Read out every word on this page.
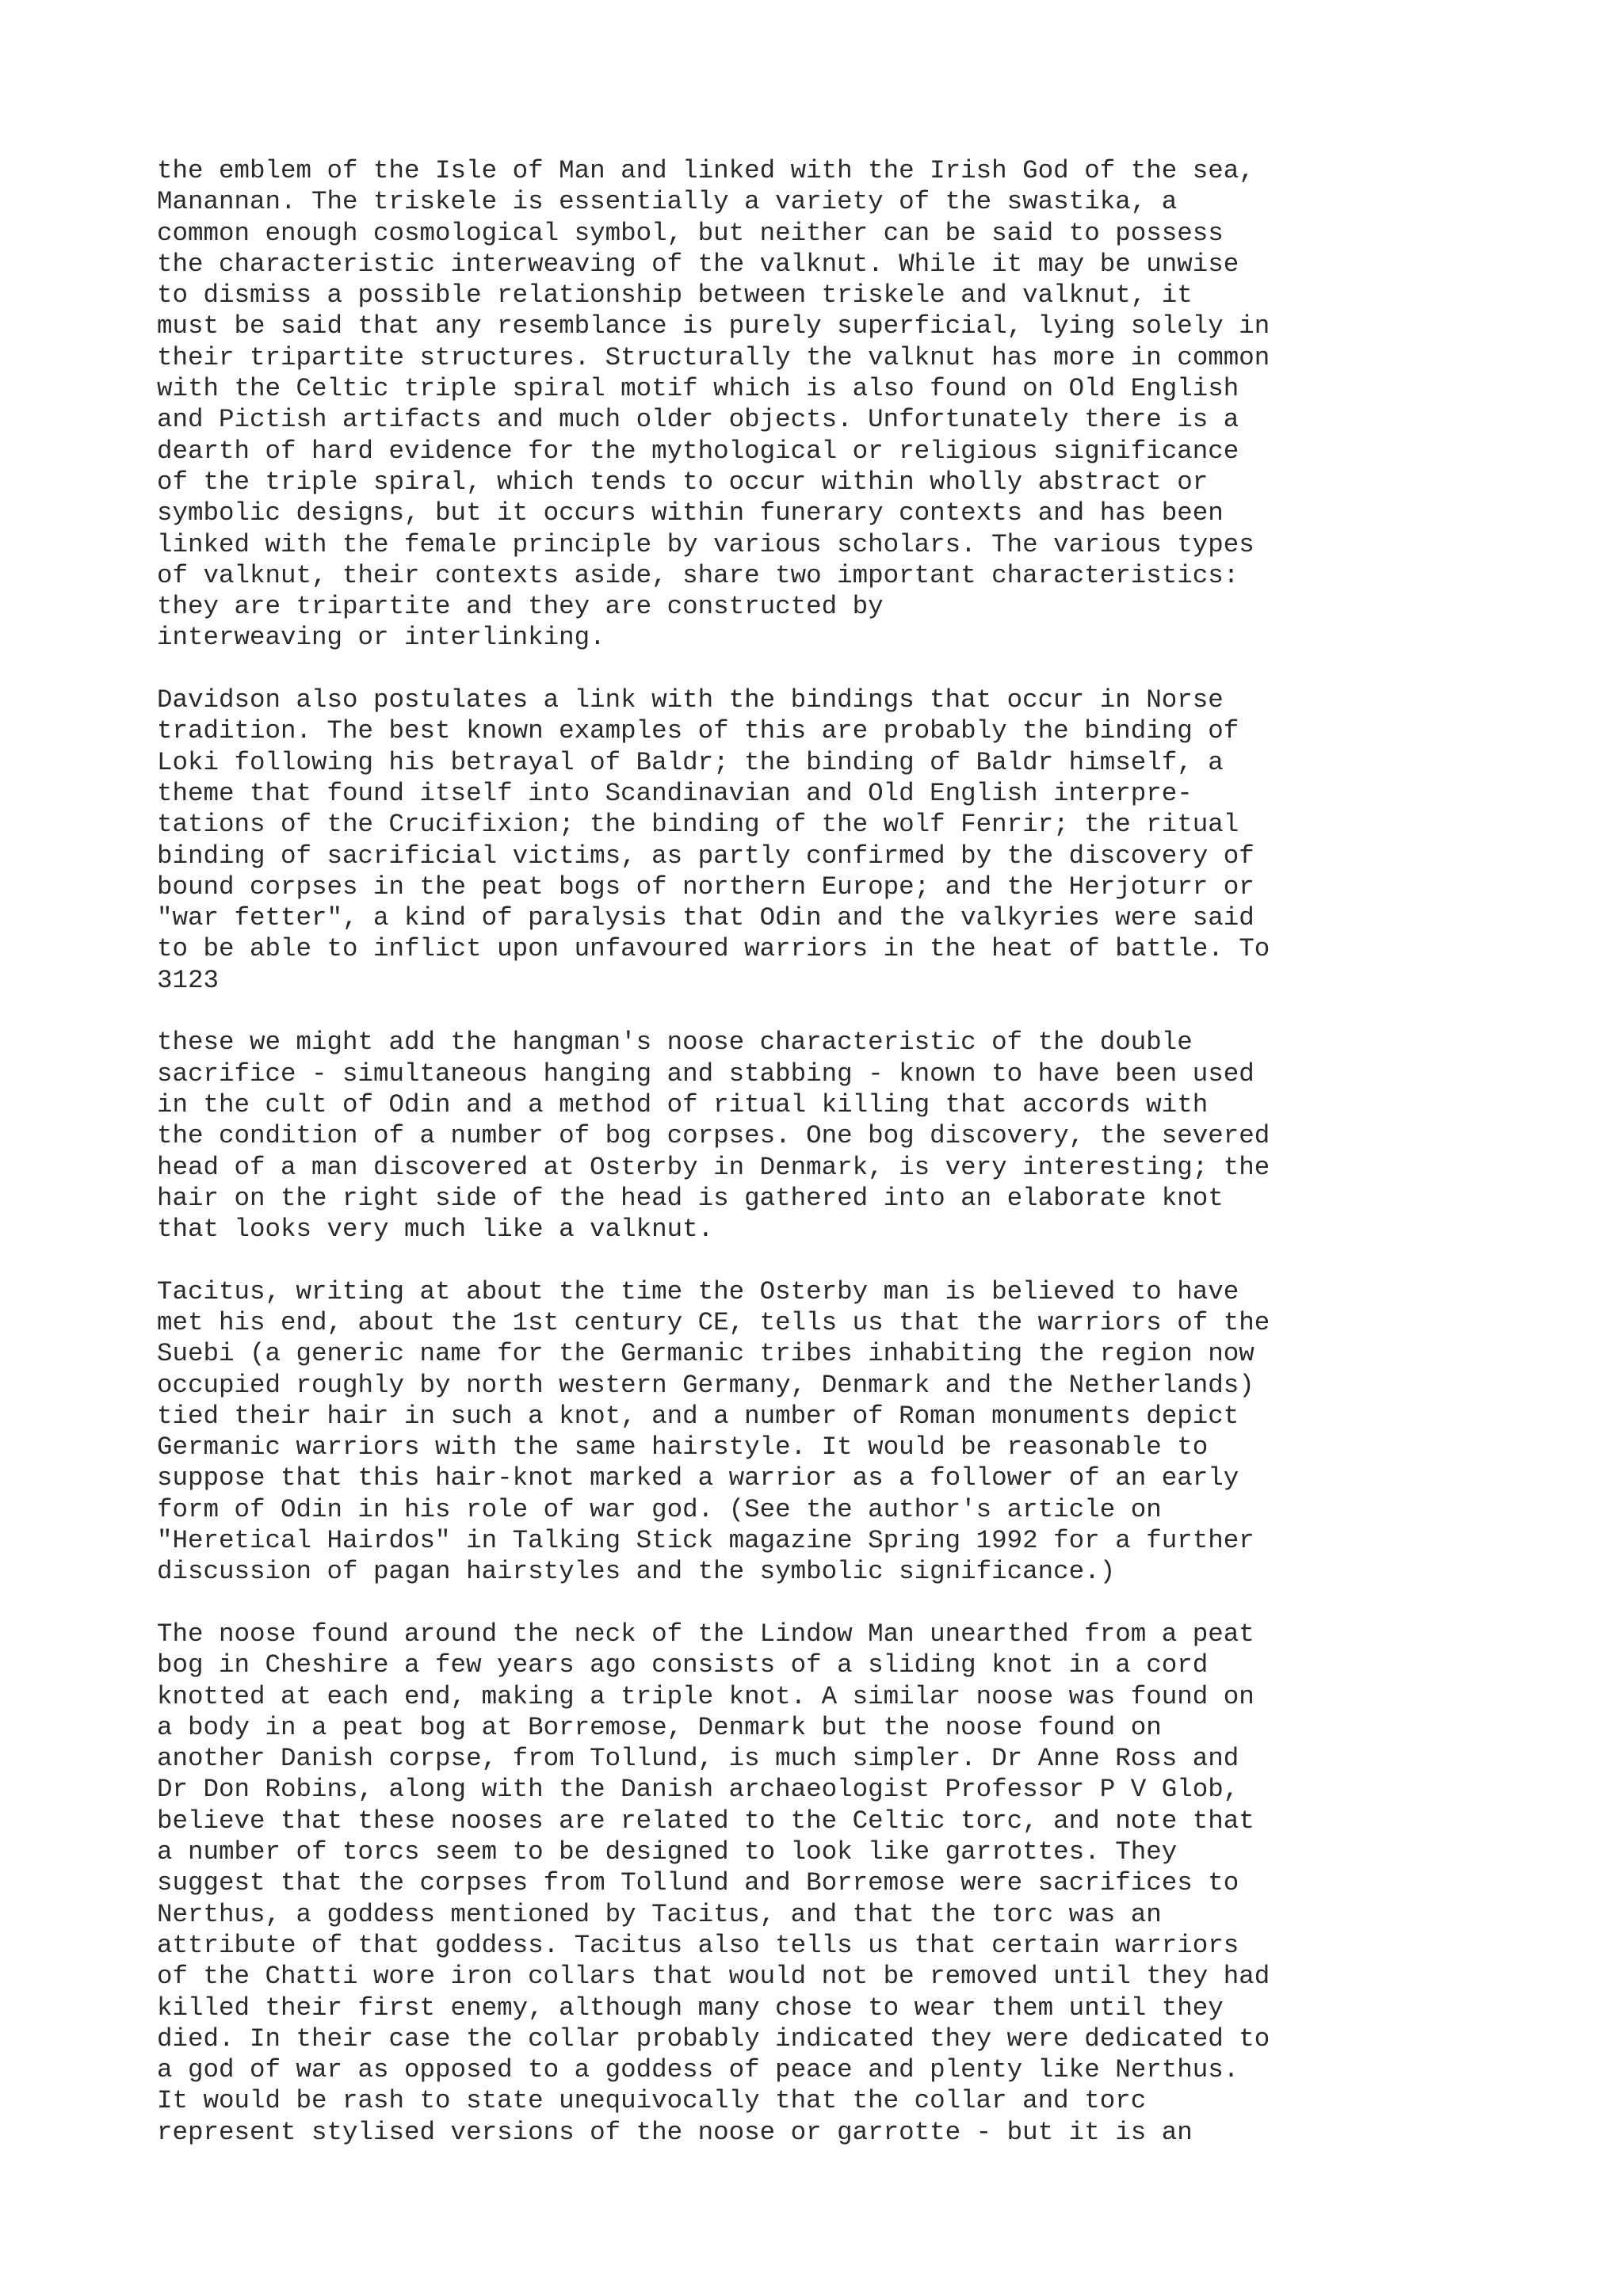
the emblem of the Isle of Man and linked with the Irish God of the sea,
Manannan. The triskele is essentially a variety of the swastika, a
common enough cosmological symbol, but neither can be said to possess
the characteristic interweaving of the valknut. While it may be unwise
to dismiss a possible relationship between triskele and valknut, it
must be said that any resemblance is purely superficial, lying solely in
their tripartite structures. Structurally the valknut has more in common
with the Celtic triple spiral motif which is also found on Old English
and Pictish artifacts and much older objects. Unfortunately there is a
dearth of hard evidence for the mythological or religious significance
of the triple spiral, which tends to occur within wholly abstract or
symbolic designs, but it occurs within funerary contexts and has been
linked with the female principle by various scholars. The various types
of valknut, their contexts aside, share two important characteristics:
they are tripartite and they are constructed by
interweaving or interlinking.
Davidson also postulates a link with the bindings that occur in Norse
tradition. The best known examples of this are probably the binding of
Loki following his betrayal of Baldr; the binding of Baldr himself, a
theme that found itself into Scandinavian and Old English interpre-
tations of the Crucifixion; the binding of the wolf Fenrir; the ritual
binding of sacrificial victims, as partly confirmed by the discovery of
bound corpses in the peat bogs of northern Europe; and the Herjoturr or
"war fetter", a kind of paralysis that Odin and the valkyries were said
to be able to inflict upon unfavoured warriors in the heat of battle. To
3123
these we might add the hangman's noose characteristic of the double
sacrifice - simultaneous hanging and stabbing - known to have been used
in the cult of Odin and a method of ritual killing that accords with
the condition of a number of bog corpses. One bog discovery, the severed
head of a man discovered at Osterby in Denmark, is very interesting; the
hair on the right side of the head is gathered into an elaborate knot
that looks very much like a valknut.
Tacitus, writing at about the time the Osterby man is believed to have
met his end, about the 1st century CE, tells us that the warriors of the
Suebi (a generic name for the Germanic tribes inhabiting the region now
occupied roughly by north western Germany, Denmark and the Netherlands)
tied their hair in such a knot, and a number of Roman monuments depict
Germanic warriors with the same hairstyle. It would be reasonable to
suppose that this hair-knot marked a warrior as a follower of an early
form of Odin in his role of war god. (See the author's article on
"Heretical Hairdos" in Talking Stick magazine Spring 1992 for a further
discussion of pagan hairstyles and the symbolic significance.)
The noose found around the neck of the Lindow Man unearthed from a peat
bog in Cheshire a few years ago consists of a sliding knot in a cord
knotted at each end, making a triple knot. A similar noose was found on
a body in a peat bog at Borremose, Denmark but the noose found on
another Danish corpse, from Tollund, is much simpler. Dr Anne Ross and
Dr Don Robins, along with the Danish archaeologist Professor P V Glob,
believe that these nooses are related to the Celtic torc, and note that
a number of torcs seem to be designed to look like garrottes. They
suggest that the corpses from Tollund and Borremose were sacrifices to
Nerthus, a goddess mentioned by Tacitus, and that the torc was an
attribute of that goddess. Tacitus also tells us that certain warriors
of the Chatti wore iron collars that would not be removed until they had
killed their first enemy, although many chose to wear them until they
died. In their case the collar probably indicated they were dedicated to
a god of war as opposed to a goddess of peace and plenty like Nerthus.
It would be rash to state unequivocally that the collar and torc
represent stylised versions of the noose or garrotte - but it is an
